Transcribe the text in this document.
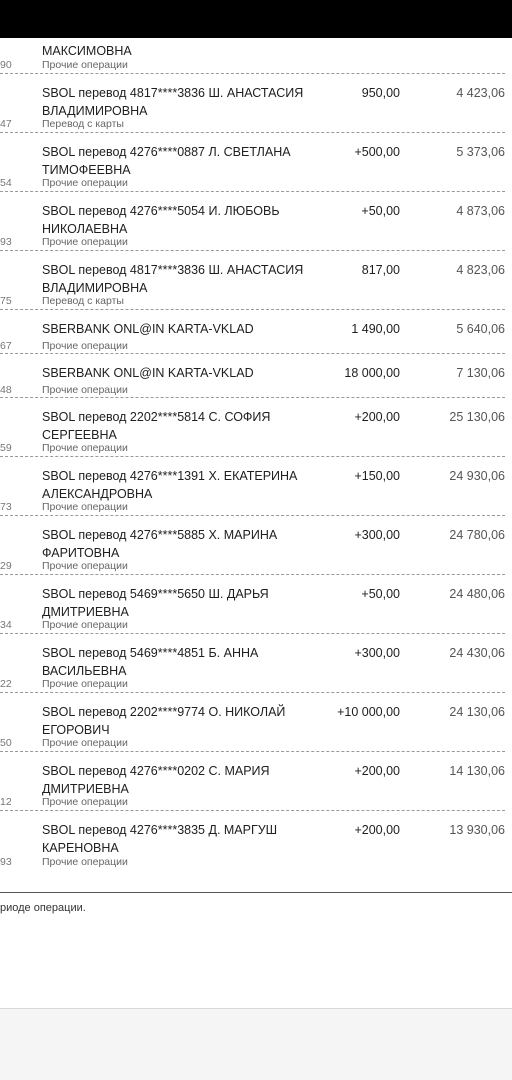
МАКСИМОВНА
Прочие операции
90
SBOL перевод 4817****3836 Ш. АНАСТАСИЯ ВЛАДИМИРОВНА
950,00	4 423,06
Перевод с карты
47
SBOL перевод 4276****0887 Л. СВЕТЛАНА ТИМОФЕЕВНА
+500,00	5 373,06
Прочие операции
54
SBOL перевод 4276****5054 И. ЛЮБОВЬ НИКОЛАЕВНА
+50,00	4 873,06
Прочие операции
93
SBOL перевод 4817****3836 Ш. АНАСТАСИЯ ВЛАДИМИРОВНА
817,00	4 823,06
Перевод с карты
75
SBERBANK ONL@IN KARTA-VKLAD	1 490,00	5 640,06
Прочие операции
67
SBERBANK ONL@IN KARTA-VKLAD	18 000,00	7 130,06
Прочие операции
48
SBOL перевод 2202****5814 С. СОФИЯ СЕРГЕЕВНА
+200,00	25 130,06
Прочие операции
59
SBOL перевод 4276****1391 Х. ЕКАТЕРИНА АЛЕКСАНДРОВНА
+150,00	24 930,06
Прочие операции
73
SBOL перевод 4276****5885 Х. МАРИНА ФАРИТОВНА
+300,00	24 780,06
Прочие операции
29
SBOL перевод 5469****5650 Ш. ДАРЬЯ ДМИТРИЕВНА
+50,00	24 480,06
Прочие операции
34
SBOL перевод 5469****4851 Б. АННА ВАСИЛЬЕВНА
+300,00	24 430,06
Прочие операции
22
SBOL перевод 2202****9774 О. НИКОЛАЙ ЕГОРОВИЧ
+10 000,00	24 130,06
Прочие операции
50
SBOL перевод 4276****0202 С. МАРИЯ ДМИТРИЕВНА
+200,00	14 130,06
Прочие операции
12
SBOL перевод 4276****3835 Д. МАРГУШ КАРЕНОВНА
+200,00	13 930,06
Прочие операции
93
риоде операции.
